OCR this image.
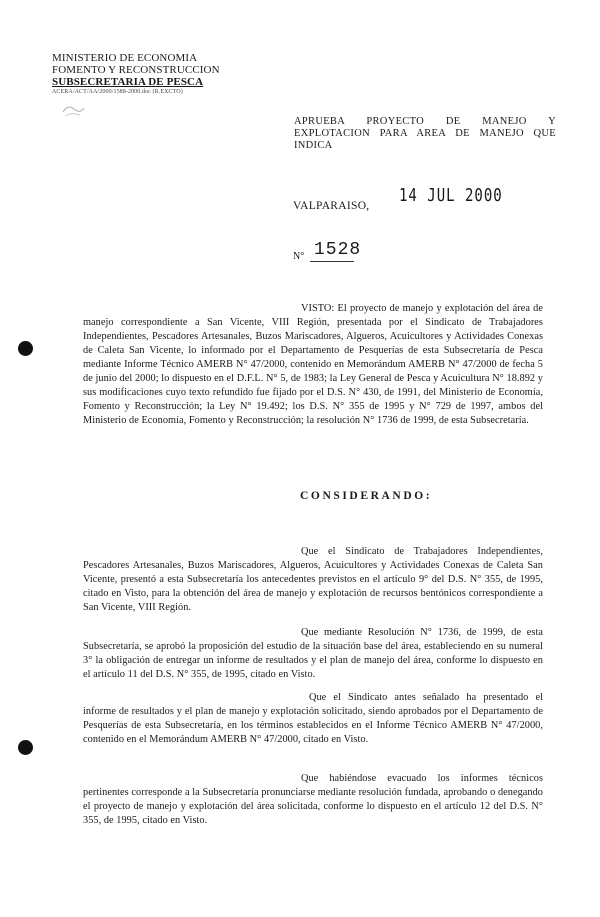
MINISTERIO DE ECONOMIA
FOMENTO Y RECONSTRUCCION
SUBSECRETARIA DE PESCA
ACERA/ACT/AA/2000/1588-2000.doc (R.EXCTO)
APRUEBA PROYECTO DE MANEJO Y EXPLOTACION PARA AREA DE MANEJO QUE INDICA
VALPARAISO, 14 JUL 2000
N° 1528
VISTO: El proyecto de manejo y explotación del área de manejo correspondiente a San Vicente, VIII Región, presentada por el Sindicato de Trabajadores Independientes, Pescadores Artesanales, Buzos Mariscadores, Algueros, Acuicultores y Actividades Conexas de Caleta San Vicente, lo informado por el Departamento de Pesquerías de esta Subsecretaría de Pesca mediante Informe Técnico AMERB N° 47/2000, contenido en Memorándum AMERB N° 47/2000 de fecha 5 de junio del 2000; lo dispuesto en el D.F.L. N° 5, de 1983; la Ley General de Pesca y Acuicultura N° 18.892 y sus modificaciones cuyo texto refundido fue fijado por el D.S. N° 430, de 1991, del Ministerio de Economía, Fomento y Reconstrucción; la Ley N° 19.492; los D.S. N° 355 de 1995 y N° 729 de 1997, ambos del Ministerio de Economía, Fomento y Reconstrucción; la resolución N° 1736 de 1999, de esta Subsecretaría.
CONSIDERANDO:
Que el Sindicato de Trabajadores Independientes, Pescadores Artesanales, Buzos Mariscadores, Algueros, Acuicultores y Actividades Conexas de Caleta San Vicente, presentó a esta Subsecretaría los antecedentes previstos en el artículo 9° del D.S. N° 355, de 1995, citado en Visto, para la obtención del área de manejo y explotación de recursos bentónicos correspondiente a San Vicente, VIII Región.
Que mediante Resolución N° 1736, de 1999, de esta Subsecretaría, se aprobó la proposición del estudio de la situación base del área, estableciendo en su numeral 3° la obligación de entregar un informe de resultados y el plan de manejo del área, conforme lo dispuesto en el artículo 11 del D.S. N° 355, de 1995, citado en Visto.
Que el Sindicato antes señalado ha presentado el informe de resultados y el plan de manejo y explotación solicitado, siendo aprobados por el Departamento de Pesquerías de esta Subsecretaría, en los términos establecidos en el Informe Técnico AMERB N° 47/2000, contenido en el Memorándum AMERB N° 47/2000, citado en Visto.
Que habiéndose evacuado los informes técnicos pertinentes corresponde a la Subsecretaría pronunciarse mediante resolución fundada, aprobando o denegando el proyecto de manejo y explotación del área solicitada, conforme lo dispuesto en el artículo 12 del D.S. N° 355, de 1995, citado en Visto.
